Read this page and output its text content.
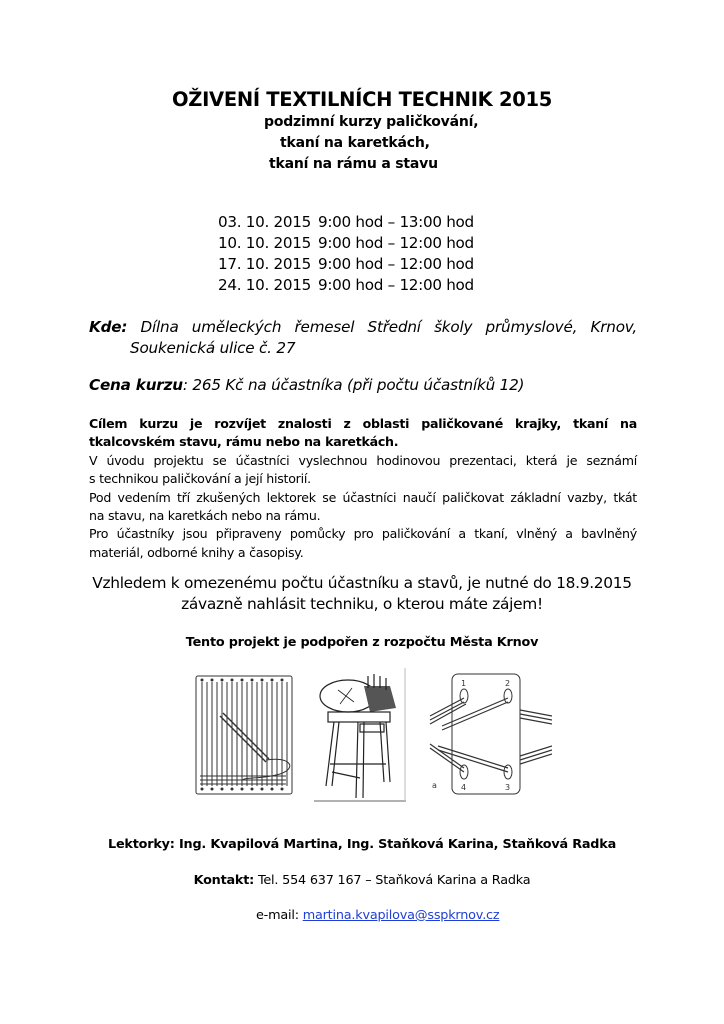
OŽIVENÍ TEXTILNÍCH TECHNIK 2015
podzimní kurzy paličkování,
tkaní na karetkách,
tkaní na rámu a stavu
03. 10. 2015 9:00 hod – 13:00 hod
10. 10. 2015 9:00 hod – 12:00 hod
17. 10. 2015 9:00 hod – 12:00 hod
24. 10. 2015 9:00 hod – 12:00 hod
Kde: Dílna uměleckých řemesel Střední školy průmyslové, Krnov,
Soukenická ulice č. 27
Cena kurzu: 265 Kč na účastníka (při počtu účastníků 12)
Cílem kurzu je rozvíjet znalosti z oblasti paličkované krajky, tkaní na
tkalcovském stavu, rámu nebo na karetkách.
V úvodu projektu se účastníci vyslechnou hodinovou prezentaci, která je seznámí
s technikou paličkování a její historií.
Pod vedením tří zkušených lektorek se účastníci naučí paličkovat základní vazby, tkát
na stavu, na karetkách nebo na rámu.
Pro účastníky jsou připraveny pomůcky pro paličkování a tkaní, vlněný a bavlněný
materiál, odborné knihy a časopisy.
Vzhledem k omezenému počtu účastníku a stavů, je nutné do 18.9.2015
závazně nahlásit techniku, o kterou máte zájem!
Tento projekt je podpořen z rozpočtu Města Krnov
1	2
3
4
a
Lektorky: Ing. Kvapilová Martina, Ing. Staňková Karina, Staňková Radka
Kontakt: Tel. 554 637 167 – Staňková Karina a Radka
e-mail: martina.kvapilova@sspkrnov.cz
